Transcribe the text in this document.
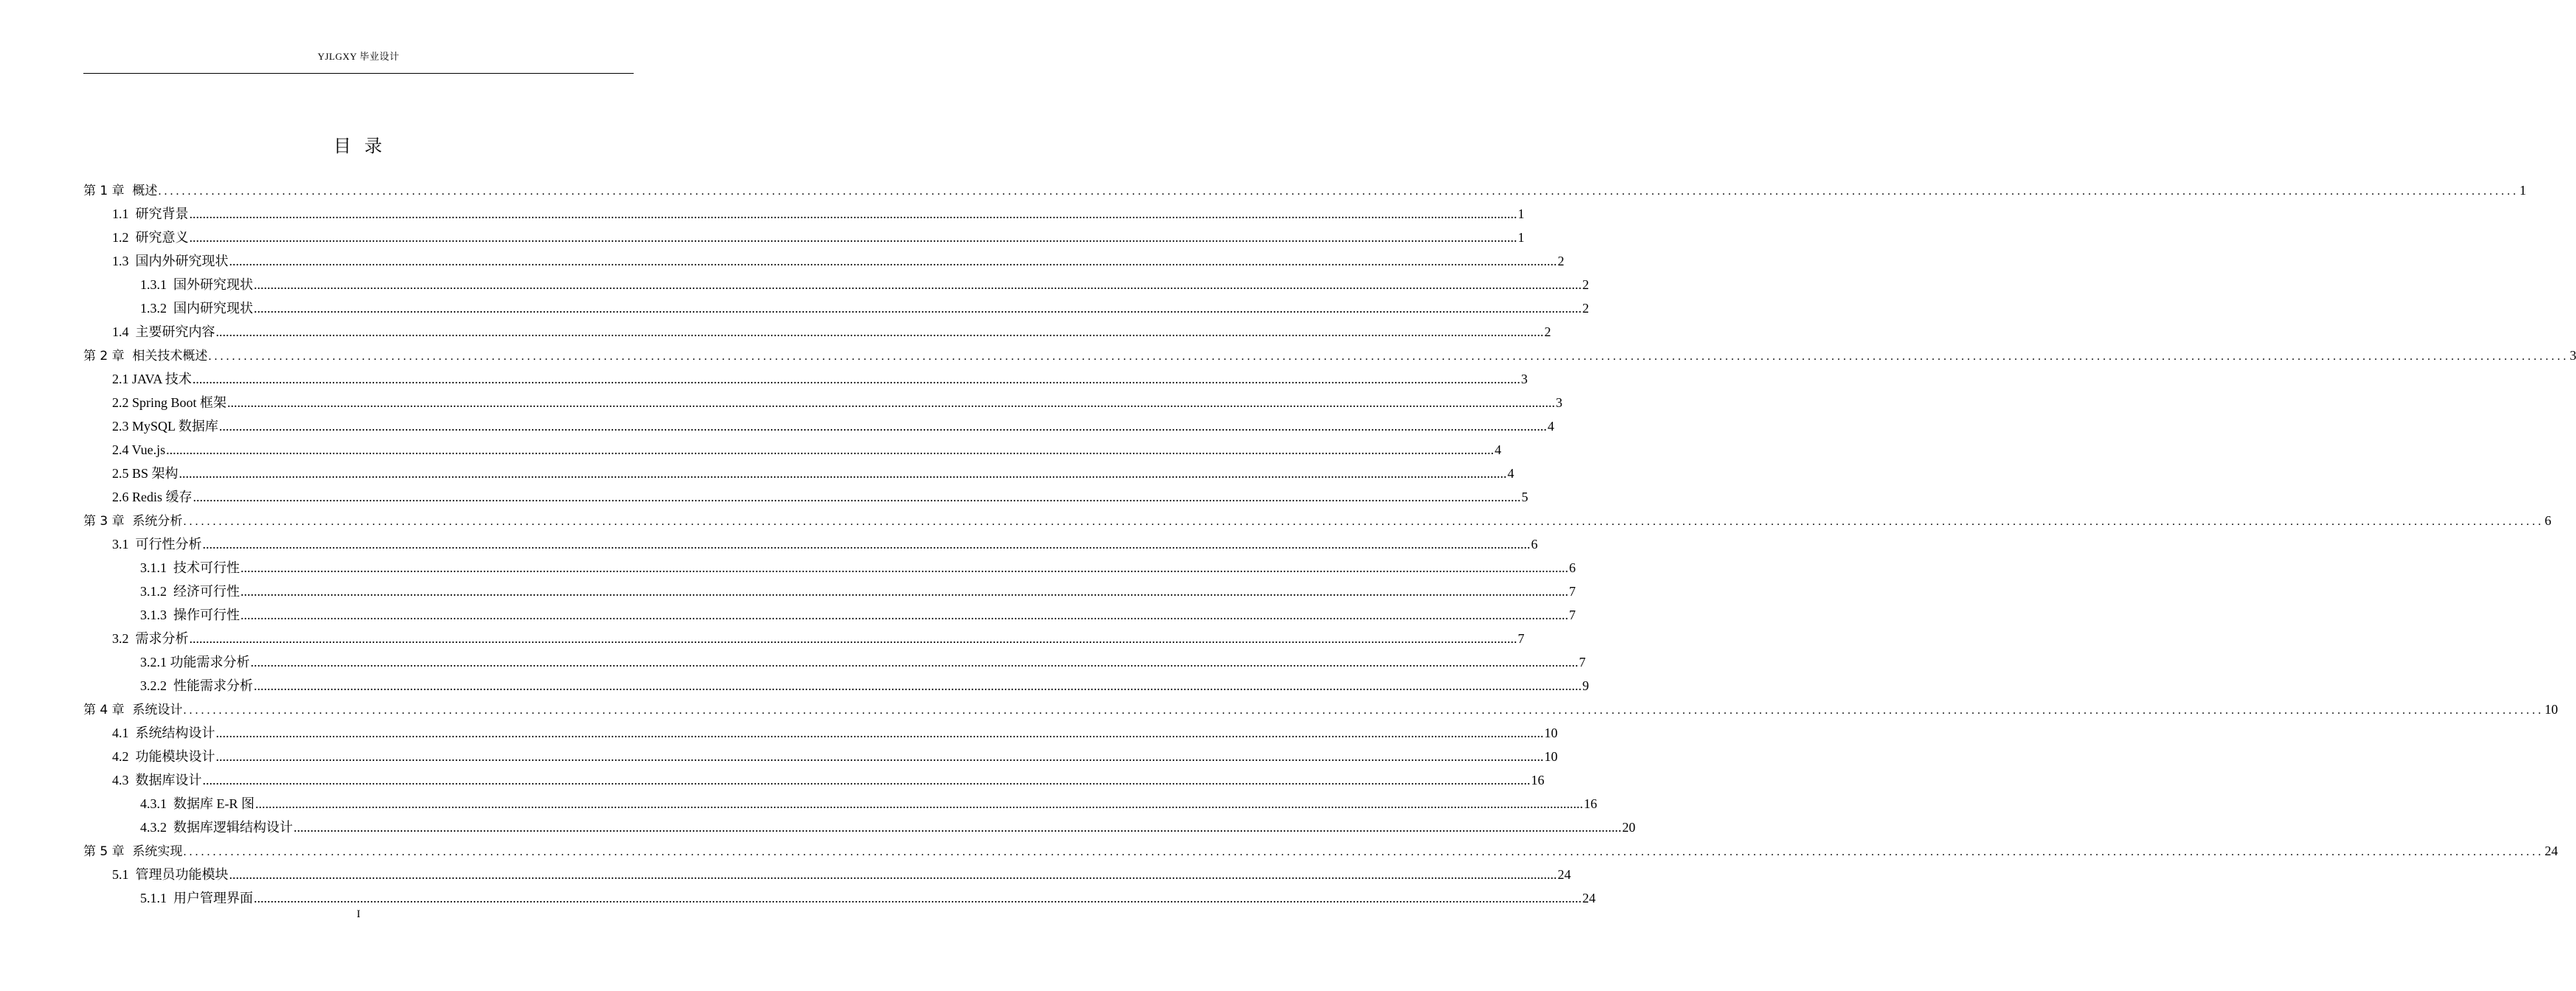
YJLGXY 毕业设计
目  录
第 1 章  概述 ................................................................................................................................................................................................................................................................................................................................................................................................................ 1
1.1  研究背景 ................................................................................................................................................................................................................................................................................................................................................................................................................ 1
1.2  研究意义 ................................................................................................................................................................................................................................................................................................................................................................................................................ 1
1.3  国内外研究现状 ................................................................................................................................................................................................................................................................................................................................................................................................................ 2
1.3.1  国外研究现状 ................................................................................................................................................................................................................................................................................................................................................................................................................ 2
1.3.2  国内研究现状 ................................................................................................................................................................................................................................................................................................................................................................................................................ 2
1.4  主要研究内容 ................................................................................................................................................................................................................................................................................................................................................................................................................ 2
第 2 章  相关技术概述 ................................................................................................................................................................................................................................................................................................................................................................................................................ 3
2.1 JAVA 技术 ................................................................................................................................................................................................................................................................................................................................................................................................................ 3
2.2 Spring Boot 框架 ................................................................................................................................................................................................................................................................................................................................................................................................................ 3
2.3 MySQL 数据库 ................................................................................................................................................................................................................................................................................................................................................................................................................ 4
2.4 Vue.js ................................................................................................................................................................................................................................................................................................................................................................................................................ 4
2.5 BS 架构 ................................................................................................................................................................................................................................................................................................................................................................................................................ 4
2.6 Redis 缓存 ................................................................................................................................................................................................................................................................................................................................................................................................................ 5
第 3 章  系统分析 ................................................................................................................................................................................................................................................................................................................................................................................................................ 6
3.1  可行性分析 ................................................................................................................................................................................................................................................................................................................................................................................................................ 6
3.1.1  技术可行性 ................................................................................................................................................................................................................................................................................................................................................................................................................ 6
3.1.2  经济可行性 ................................................................................................................................................................................................................................................................................................................................................................................................................ 7
3.1.3  操作可行性 ................................................................................................................................................................................................................................................................................................................................................................................................................ 7
3.2  需求分析 ................................................................................................................................................................................................................................................................................................................................................................................................................ 7
3.2.1 功能需求分析 ................................................................................................................................................................................................................................................................................................................................................................................................................ 7
3.2.2  性能需求分析 ................................................................................................................................................................................................................................................................................................................................................................................................................ 9
第 4 章  系统设计 ................................................................................................................................................................................................................................................................................................................................................................................................................ 10
4.1  系统结构设计 ................................................................................................................................................................................................................................................................................................................................................................................................................ 10
4.2  功能模块设计 ................................................................................................................................................................................................................................................................................................................................................................................................................ 10
4.3  数据库设计 ................................................................................................................................................................................................................................................................................................................................................................................................................ 16
4.3.1  数据库 E-R 图 ................................................................................................................................................................................................................................................................................................................................................................................................................ 16
4.3.2  数据库逻辑结构设计 ................................................................................................................................................................................................................................................................................................................................................................................................................ 20
第 5 章  系统实现 ................................................................................................................................................................................................................................................................................................................................................................................................................ 24
5.1  管理员功能模块 ................................................................................................................................................................................................................................................................................................................................................................................................................ 24
5.1.1  用户管理界面 ................................................................................................................................................................................................................................................................................................................................................................................................................ 24
I
